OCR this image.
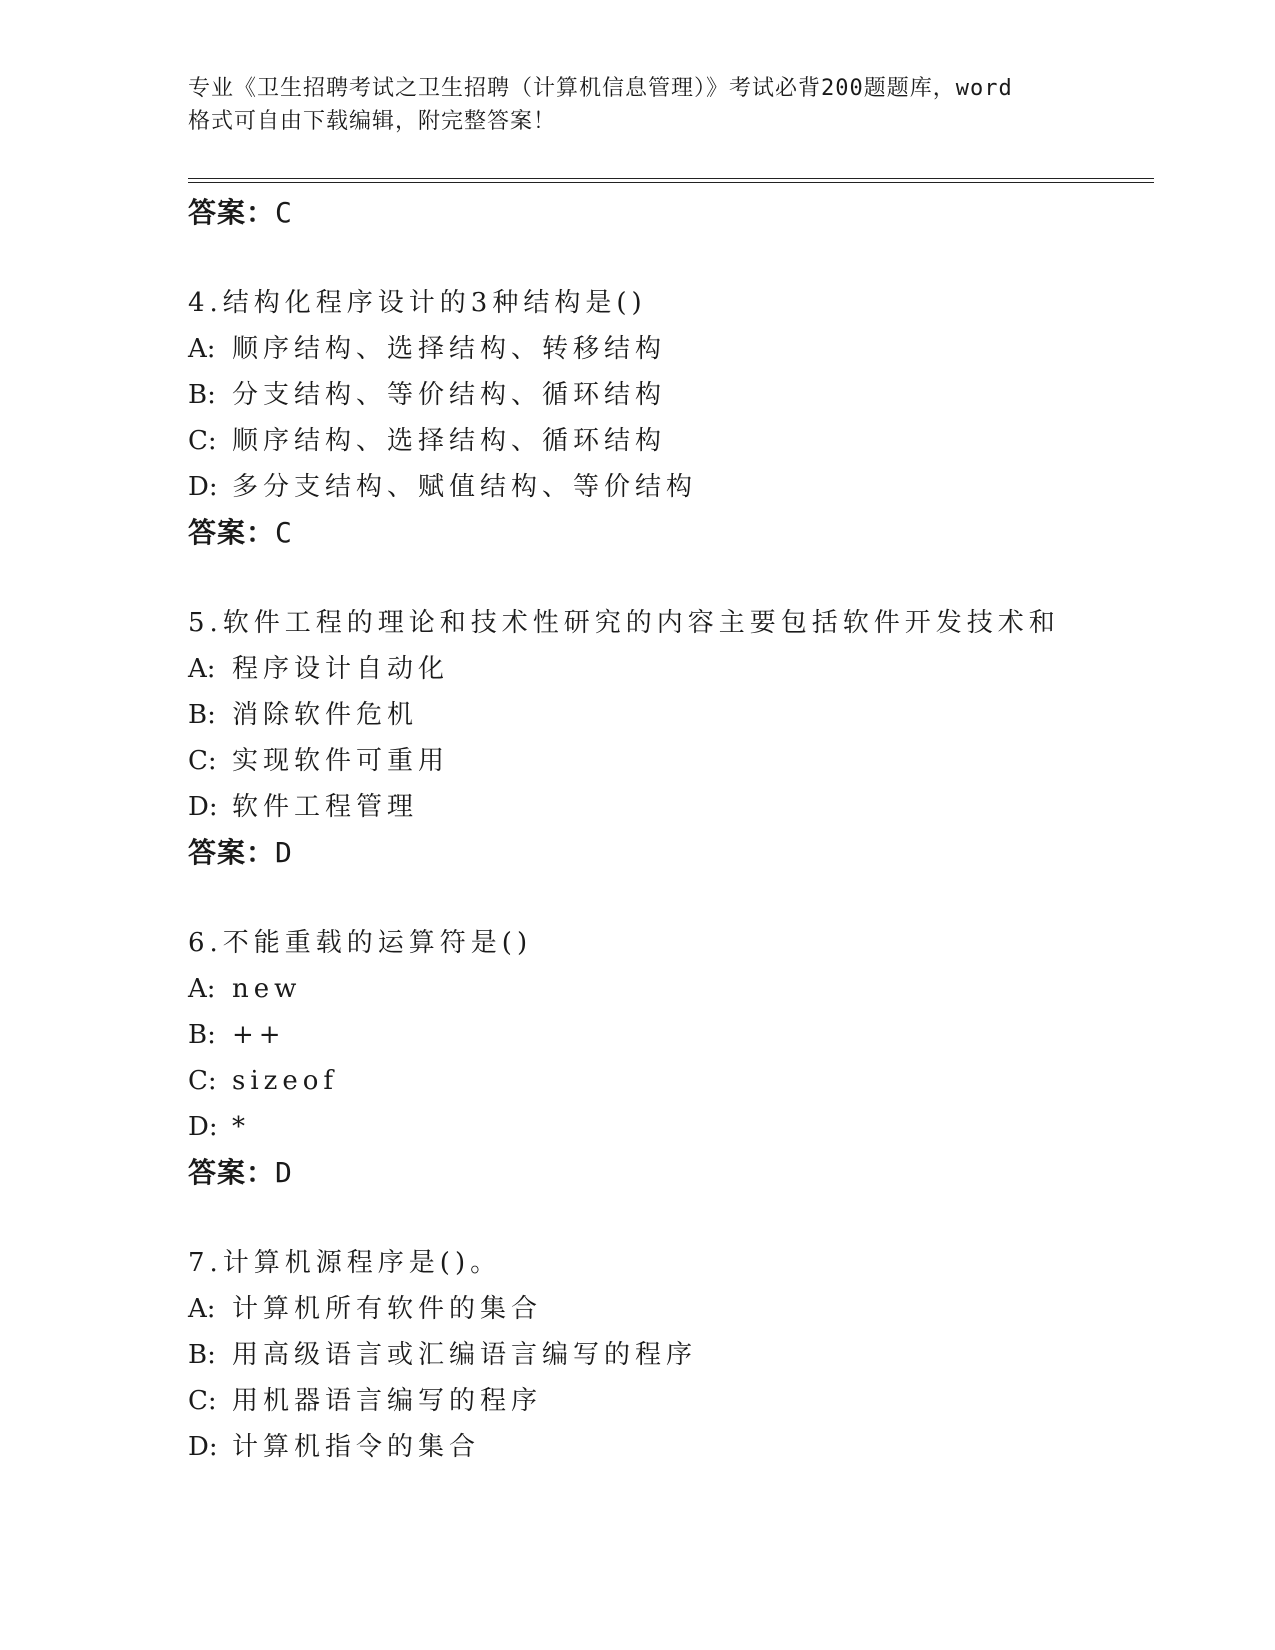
专业《卫生招聘考试之卫生招聘（计算机信息管理）》考试必背200题题库，word
格式可自由下载编辑，附完整答案！
答案：C
4.结构化程序设计的3种结构是()
A: 顺序结构、选择结构、转移结构
B: 分支结构、等价结构、循环结构
C: 顺序结构、选择结构、循环结构
D: 多分支结构、赋值结构、等价结构
答案：C
5.软件工程的理论和技术性研究的内容主要包括软件开发技术和
A: 程序设计自动化
B: 消除软件危机
C: 实现软件可重用
D: 软件工程管理
答案：D
6.不能重载的运算符是()
A: new
B: ++
C: sizeof
D: *
答案：D
7.计算机源程序是()。
A: 计算机所有软件的集合
B: 用高级语言或汇编语言编写的程序
C: 用机器语言编写的程序
D: 计算机指令的集合
